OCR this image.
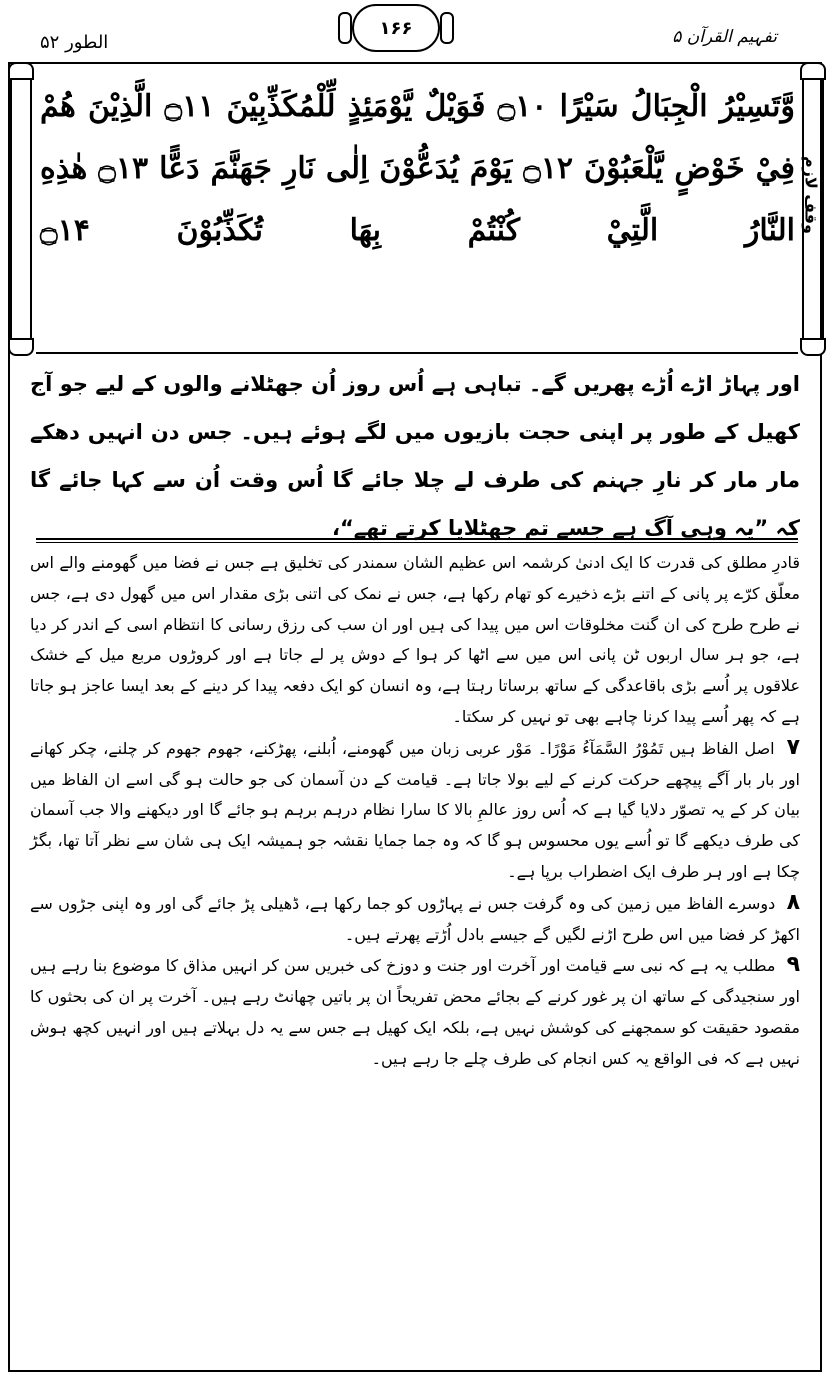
الطور ۵۲
۱۶۶	تفہیم القرآن ۵
وقف لازم
وَّتَسِيْرُ الْجِبَالُ سَيْرًا ۝۱۰ فَوَيْلٌ يَّوْمَئِذٍ لِّلْمُكَذِّبِيْنَ ۝۱۱ الَّذِيْنَ هُمْ فِيْ خَوْضٍ يَّلْعَبُوْنَ ۝۱۲ يَوْمَ يُدَعُّوْنَ اِلٰى نَارِ جَهَنَّمَ دَعًّا ۝۱۳ هٰذِهِ النَّارُ الَّتِيْ كُنْتُمْ بِهَا تُكَذِّبُوْنَ ۝۱۴
اور پہاڑ اڑے اُڑے پھریں گے۔ تباہی ہے اُس روز اُن جھٹلانے والوں کے لیے جو آج کھیل کے طور پر اپنی حجت بازیوں میں لگے ہوئے ہیں۔ جس دن انہیں دھکے مار مار کر نارِ جہنم کی طرف لے چلا جائے گا اُس وقت اُن سے کہا جائے گا کہ ”یہ وہی آگ ہے جسے تم جھٹلایا کرتے تھے“،

قادرِ مطلق کی قدرت کا ایک ادنیٰ کرشمہ اس عظیم الشان سمندر کی تخلیق ہے جس نے فضا میں گھومنے والے اس معلّق کرّے پر پانی کے اتنے بڑے ذخیرے کو تھام رکھا ہے، جس نے نمک کی اتنی بڑی مقدار اس میں گھول دی ہے، جس نے طرح طرح کی ان گنت مخلوقات اس میں پیدا کی ہیں اور ان سب کی رزق رسانی کا انتظام اسی کے اندر کر دیا ہے، جو ہر سال اربوں ٹن پانی اس میں سے اٹھا کر ہوا کے دوش پر لے جاتا ہے اور کروڑوں مربع میل کے خشک علاقوں پر اُسے بڑی باقاعدگی کے ساتھ برساتا رہتا ہے، وہ انسان کو ایک دفعہ پیدا کر دینے کے بعد ایسا عاجز ہو جاتا ہے کہ پھر اُسے پیدا کرنا چاہے بھی تو نہیں کر سکتا۔

۷ اصل الفاظ ہیں تَمُوْرُ السَّمَآءُ مَوْرًا۔ مَوْر عربی زبان میں گھومنے، اُبلنے، پھڑکنے، جھوم جھوم کر چلنے، چکر کھانے اور بار بار آگے پیچھے حرکت کرنے کے لیے بولا جاتا ہے۔ قیامت کے دن آسمان کی جو حالت ہو گی اسے ان الفاظ میں بیان کر کے یہ تصوّر دلایا گیا ہے کہ اُس روز عالمِ بالا کا سارا نظام درہم برہم ہو جائے گا اور دیکھنے والا جب آسمان کی طرف دیکھے گا تو اُسے یوں محسوس ہو گا کہ وہ جما جمایا نقشہ جو ہمیشہ ایک ہی شان سے نظر آتا تھا، بگڑ چکا ہے اور ہر طرف ایک اضطراب برپا ہے۔

۸ دوسرے الفاظ میں زمین کی وہ گرفت جس نے پہاڑوں کو جما رکھا ہے، ڈھیلی پڑ جائے گی اور وہ اپنی جڑوں سے اکھڑ کر فضا میں اس طرح اڑنے لگیں گے جیسے بادل اُڑتے پھرتے ہیں۔

۹ مطلب یہ ہے کہ نبی سے قیامت اور آخرت اور جنت و دوزخ کی خبریں سن کر انہیں مذاق کا موضوع بنا رہے ہیں اور سنجیدگی کے ساتھ ان پر غور کرنے کے بجائے محض تفریحاً ان پر باتیں چھانٹ رہے ہیں۔ آخرت پر ان کی بحثوں کا مقصود حقیقت کو سمجھنے کی کوشش نہیں ہے، بلکہ ایک کھیل ہے جس سے یہ دل بہلاتے ہیں اور انہیں کچھ ہوش نہیں ہے کہ فی الواقع یہ کس انجام کی طرف چلے جا رہے ہیں۔
